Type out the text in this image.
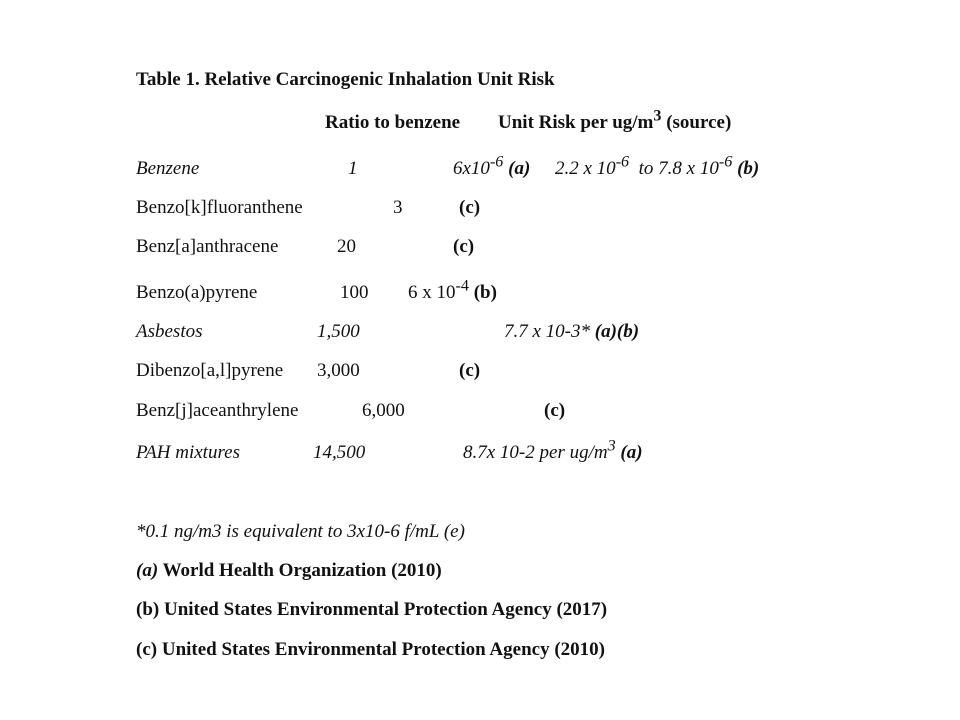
Table 1. Relative Carcinogenic Inhalation Unit Risk
Ratio to benzene Unit Risk per $ug/m^3$ (source)
Benzene	1	$6x10^{-6}$ (a) 2.2 x $10^{-6}$  to 7.8 x $10^{-6}$ (b)
Benzo[k]fluoranthene	3	(c)
Benz[a]anthracene	20	(c)
Benzo(a)pyrene	100 6 x $10^{-4}$ (b)
Asbestos	1,500	7.7 x 10-3* (a)(b)
Dibenzo[a,l]pyrene 3,000	(c)
Benz[j]aceanthrylene	6,000	(c)
PAH mixtures	14,500	8.7x 10-2 per $ug/m^3$ (a)
*0.1 ng/m3 is equivalent to 3x10-6 f/mL (e)
(a) World Health Organization (2010)
(b) United States Environmental Protection Agency (2017)
(c) United States Environmental Protection Agency (2010)
